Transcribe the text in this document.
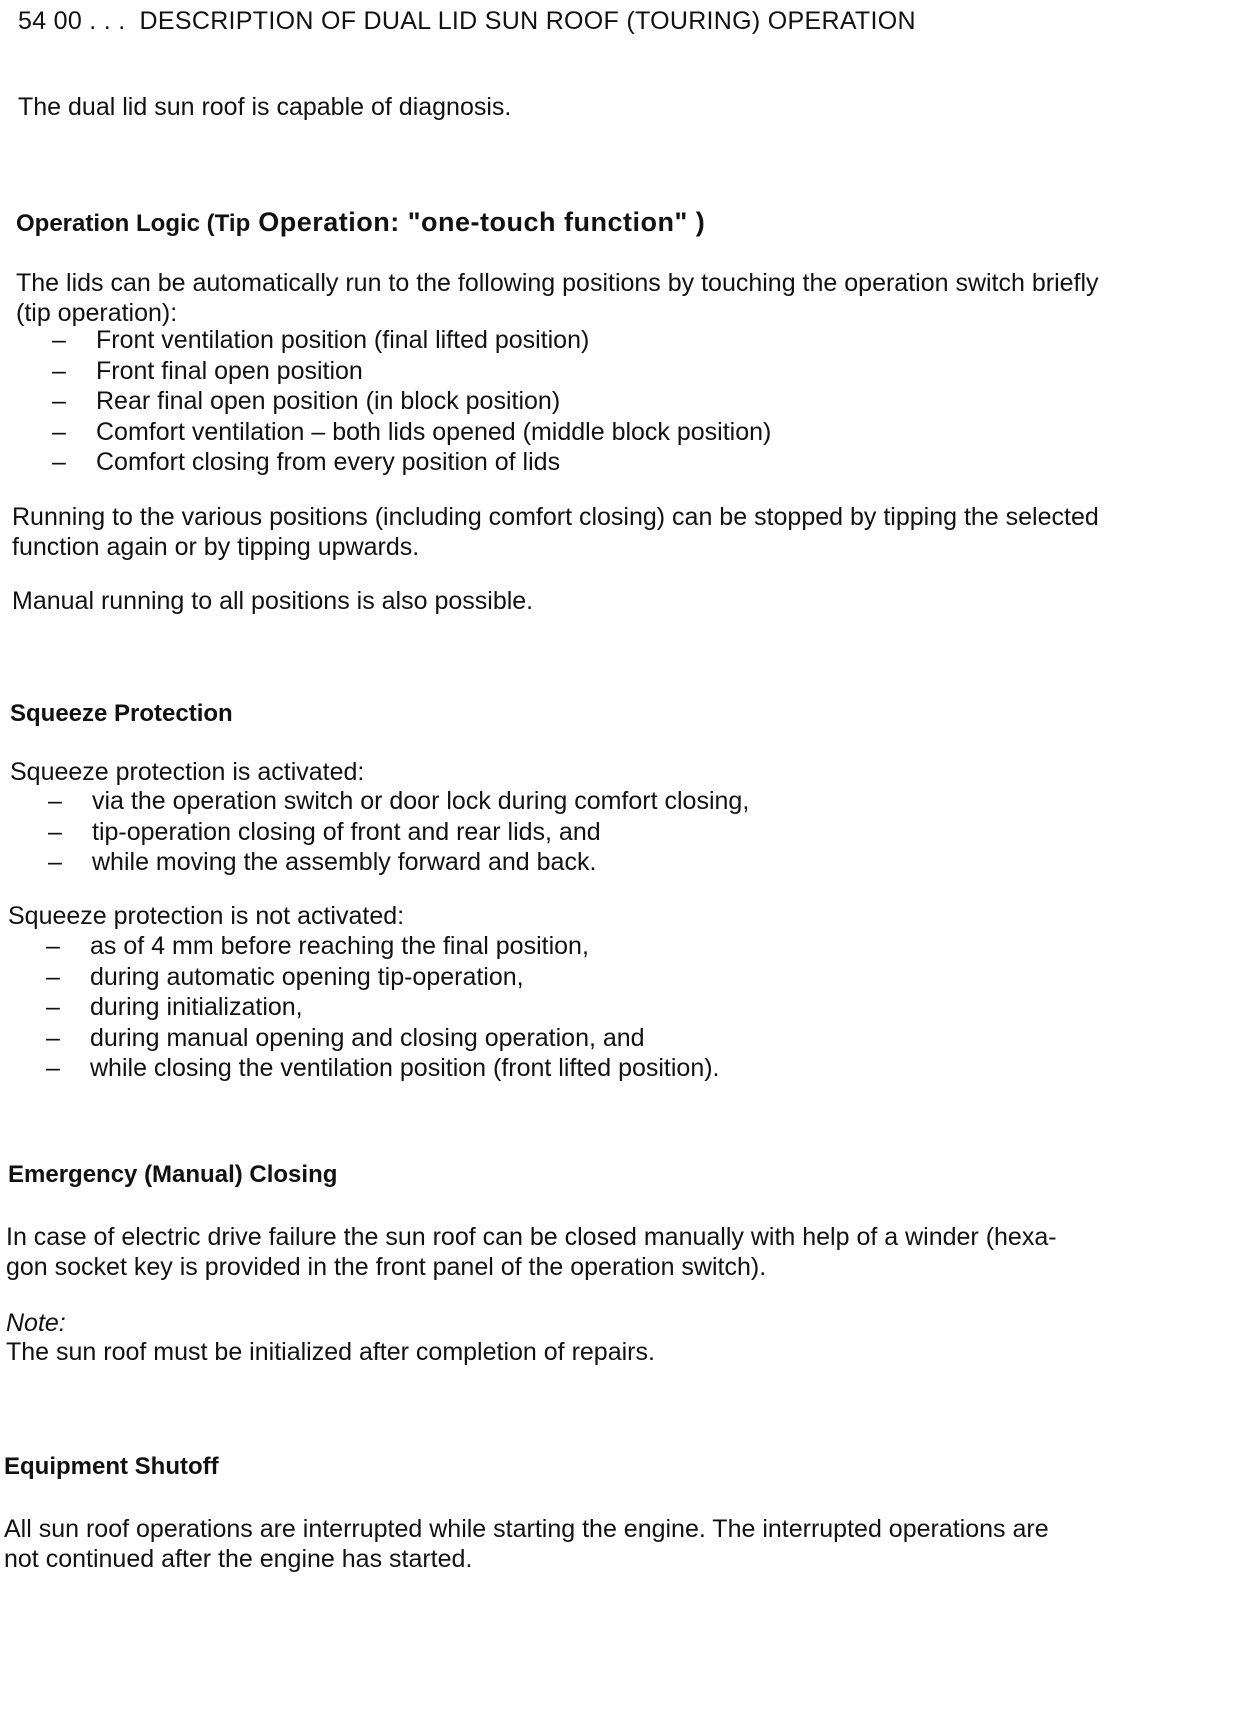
54 00 . . . DESCRIPTION OF DUAL LID SUN ROOF (TOURING) OPERATION

The dual lid sun roof is capable of diagnosis.

Operation Logic (Tip Operation: "one-touch function" )
The lids can be automatically run to the following positions by touching the operation switch briefly
(tip operation):
– Front ventilation position (final lifted position)
– Front final open position
– Rear final open position (in block position)
– Comfort ventilation – both lids opened (middle block position)
– Comfort closing from every position of lids
Running to the various positions (including comfort closing) can be stopped by tipping the selected
function again or by tipping upwards.

Manual running to all positions is also possible.

Squeeze Protection

Squeeze protection is activated:

– via the operation switch or door lock during comfort closing,
– tip-operation closing of front and rear lids, and
– while moving the assembly forward and back.

Squeeze protection is not activated:

– as of 4 mm before reaching the final position,
– during automatic opening tip-operation,
– during initialization,
– during manual opening and closing operation, and
– while closing the ventilation position (front lifted position).
Emergency (Manual) Closing
In case of electric drive failure the sun roof can be closed manually with help of a winder (hexa-
gon socket key is provided in the front panel of the operation switch).

Note:

The sun roof must be initialized after completion of repairs.

Equipment Shutoff
All sun roof operations are interrupted while starting the engine. The interrupted operations are
not continued after the engine has started.
